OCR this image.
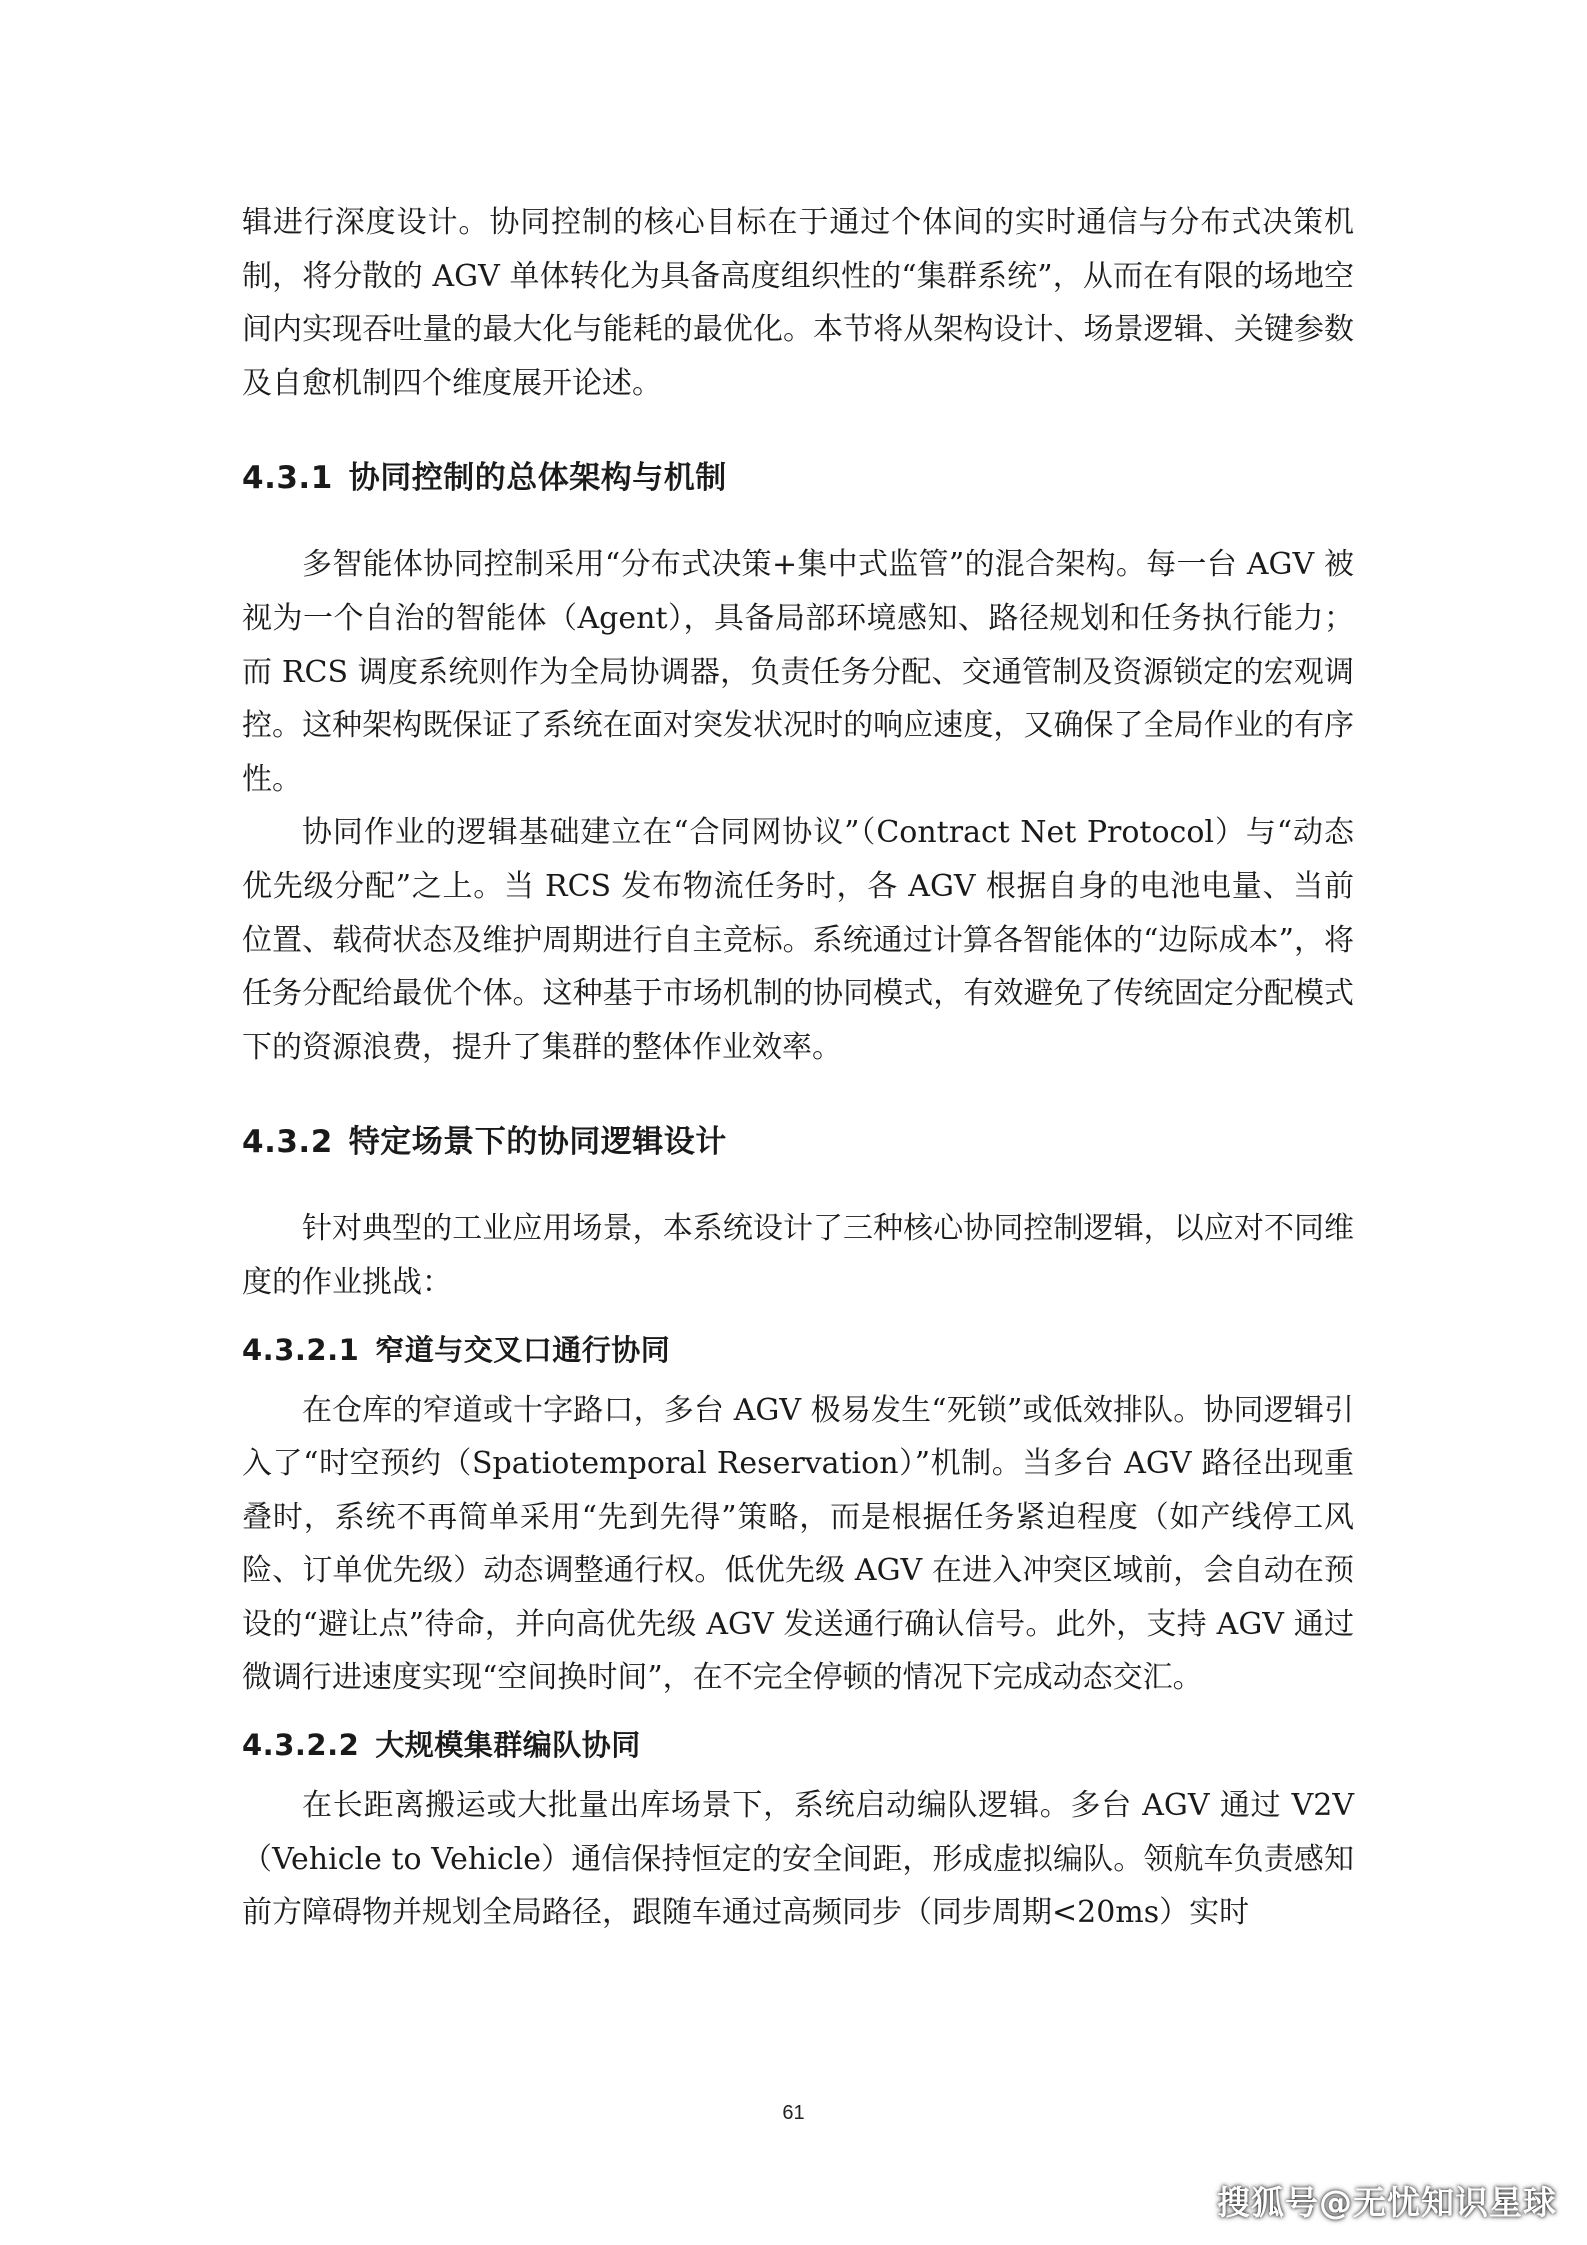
辑进行深度设计。协同控制的核心目标在于通过个体间的实时通信与分布式决策机制，将分散的 AGV 单体转化为具备高度组织性的“集群系统”，从而在有限的场地空间内实现吞吐量的最大化与能耗的最优化。本节将从架构设计、场景逻辑、关键参数及自愈机制四个维度展开论述。

4.3.1 协同控制的总体架构与机制

多智能体协同控制采用“分布式决策+集中式监管”的混合架构。每一台 AGV 被视为一个自治的智能体（Agent），具备局部环境感知、路径规划和任务执行能力；而 RCS 调度系统则作为全局协调器，负责任务分配、交通管制及资源锁定的宏观调控。这种架构既保证了系统在面对突发状况时的响应速度，又确保了全局作业的有序性。

协同作业的逻辑基础建立在“合同网协议”（Contract Net Protocol）与“动态优先级分配”之上。当 RCS 发布物流任务时，各 AGV 根据自身的电池电量、当前位置、载荷状态及维护周期进行自主竞标。系统通过计算各智能体的“边际成本”，将任务分配给最优个体。这种基于市场机制的协同模式，有效避免了传统固定分配模式下的资源浪费，提升了集群的整体作业效率。

4.3.2 特定场景下的协同逻辑设计

针对典型的工业应用场景，本系统设计了三种核心协同控制逻辑，以应对不同维度的作业挑战：

4.3.2.1 窄道与交叉口通行协同

在仓库的窄道或十字路口，多台 AGV 极易发生“死锁”或低效排队。协同逻辑引入了“时空预约（Spatiotemporal Reservation）”机制。当多台 AGV 路径出现重叠时，系统不再简单采用“先到先得”策略，而是根据任务紧迫程度（如产线停工风险、订单优先级）动态调整通行权。低优先级 AGV 在进入冲突区域前，会自动在预设的“避让点”待命，并向高优先级 AGV 发送通行确认信号。此外，支持 AGV 通过微调行进速度实现“空间换时间”，在不完全停顿的情况下完成动态交汇。

4.3.2.2 大规模集群编队协同

在长距离搬运或大批量出库场景下，系统启动编队逻辑。多台 AGV 通过 V2V（Vehicle to Vehicle）通信保持恒定的安全间距，形成虚拟编队。领航车负责感知前方障碍物并规划全局路径，跟随车通过高频同步（同步周期<20ms）实时

61
搜狐号@无忧知识星球
